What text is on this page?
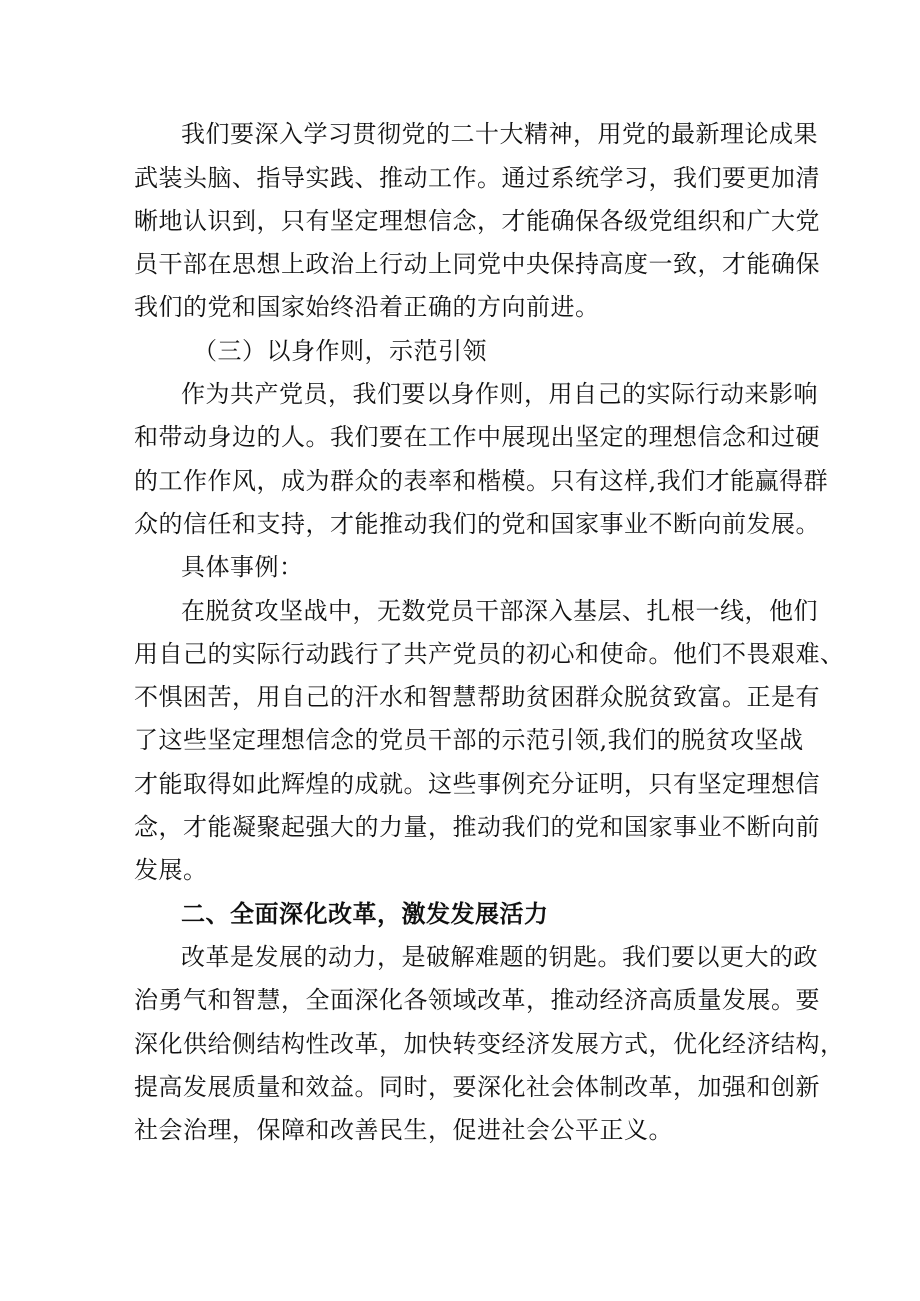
我们要深入学习贯彻党的二十大精神，用党的最新理论成果
武装头脑、指导实践、推动工作。通过系统学习，我们要更加清
晰地认识到，只有坚定理想信念，才能确保各级党组织和广大党
员干部在思想上政治上行动上同党中央保持高度一致，才能确保
我们的党和国家始终沿着正确的方向前进。
（三）以身作则，示范引领
作为共产党员，我们要以身作则，用自己的实际行动来影响
和带动身边的人。我们要在工作中展现出坚定的理想信念和过硬
的工作作风，成为群众的表率和楷模。只有这样,我们才能赢得群
众的信任和支持，才能推动我们的党和国家事业不断向前发展。
具体事例：
在脱贫攻坚战中，无数党员干部深入基层、扎根一线，他们
用自己的实际行动践行了共产党员的初心和使命。他们不畏艰难、
不惧困苦，用自己的汗水和智慧帮助贫困群众脱贫致富。正是有
了这些坚定理想信念的党员干部的示范引领,我们的脱贫攻坚战
才能取得如此辉煌的成就。这些事例充分证明，只有坚定理想信
念，才能凝聚起强大的力量，推动我们的党和国家事业不断向前
发展。
二、全面深化改革，激发发展活力
改革是发展的动力，是破解难题的钥匙。我们要以更大的政
治勇气和智慧，全面深化各领域改革，推动经济高质量发展。要
深化供给侧结构性改革，加快转变经济发展方式，优化经济结构，
提高发展质量和效益。同时，要深化社会体制改革，加强和创新
社会治理，保障和改善民生，促进社会公平正义。
